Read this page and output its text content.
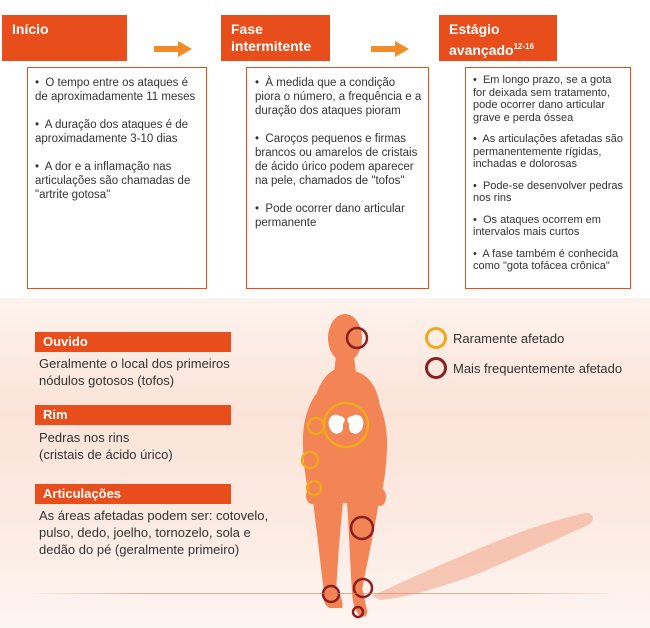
Início
•  O tempo entre os ataques é de aproximadamente 11 meses
•  A duração dos ataques é de aproximadamente 3-10 dias
•  A dor e a inflamação nas articulações são chamadas de "artrite gotosa"
Fase intermitente
•  À medida que a condição piora o número, a frequência e a duração dos ataques pioram
•  Caroços pequenos e firmas brancos ou amarelos de cristais de ácido úrico podem aparecer na pele, chamados de "tofos"
•  Pode ocorrer dano articular permanente
Estágio avançado$^{12-16}$
•  Em longo prazo, se a gota for deixada sem tratamento, pode ocorrer dano articular grave e perda óssea
•  As articulações afetadas são permanentemente rígidas, inchadas e dolorosas
•  Pode-se desenvolver pedras nos rins
•  Os ataques ocorrem em intervalos mais curtos
•  A fase também é conhecida como "gota tofácea crônica"
Ouvido
Geralmente o local dos primeiros
nódulos gotosos (tofos)
Rim
Pedras nos rins
(cristais de ácido úrico)
Articulações
As áreas afetadas podem ser: cotovelo,
pulso, dedo, joelho, tornozelo, sola e
dedão do pé (geralmente primeiro)
Raramente afetado
Mais frequentemente afetado
